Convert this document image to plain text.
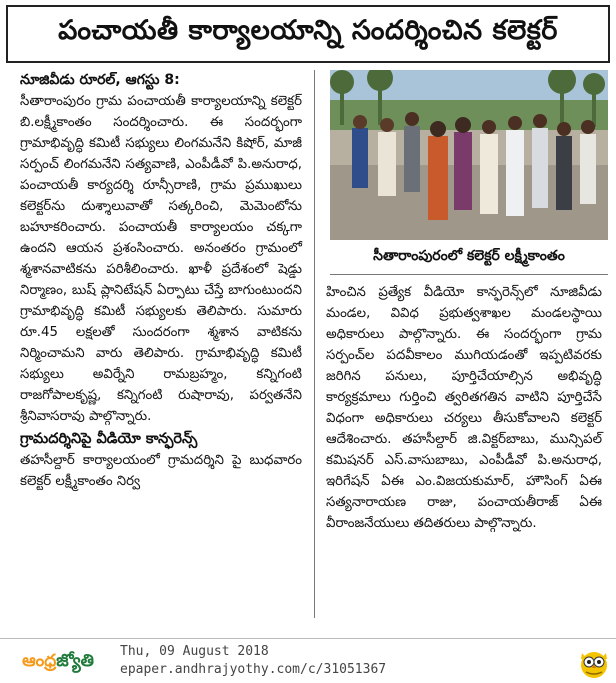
పంచాయతీ కార్యాలయాన్ని సందర్శించిన కలెక్టర్
నూజివీడు రూరల్, ఆగస్టు 8:

సీతారాంపురం గ్రామ పంచాయతీ కార్యాలయాన్ని కలెక్టర్ బి.లక్ష్మీకాంతం సందర్శించారు. ఈ సందర్భంగా గ్రామాభివృద్ధి కమిటీ సభ్యులు లింగమనేని కిషోర్, మాజీ సర్పంచ్ లింగమనేని సత్యవాణి, ఎంపీడీవో పి.అనురాధ, పంచాయతీ కార్యదర్శి రూన్సీరాణి, గ్రామ ప్రముఖులు కలెక్టర్‌ను దుశ్శాలువాతో సత్కరించి, మెమెంటోను బహూకరించారు. పంచాయతీ కార్యాలయం చక్కగా ఉందని ఆయన ప్రశంసించారు. అనంతరం గ్రామంలో శ్మశానవాటికను పరిశీలించారు. ఖాళీ ప్రదేశంలో షెడ్డు నిర్మాణం, బుష్ ప్లానిటేషన్ ఏర్పాటు చేస్తే బాగుంటుందని గ్రామాభివృద్ధి కమిటీ సభ్యులకు తెలిపారు. సుమారు రూ.45 లక్షలతో సుందరంగా శ్మశాన వాటికను నిర్మించామని వారు తెలిపారు. గ్రామాభివృద్ధి కమిటీ సభ్యులు అవిర్నేని రామబ్రహ్మం, కన్నిగంటి రాజగోపాలకృష్ణ, కన్నిగంటి రుషారావు, పర్వతనేని శ్రీనివాసరావు పాల్గొన్నారు.

గ్రామదర్శినిపై వీడియో కాన్ఫరెన్స్

తహసీల్దార్ కార్యాలయంలో గ్రామదర్శిని పై బుధవారం కలెక్టర్ లక్ష్మీకాంతం నిర్వ

సీతారాంపురంలో కలెక్టర్ లక్ష్మీకాంతం

హించిన ప్రత్యేక వీడియో కాన్ఫరెన్స్‌లో నూజివీడు మండల, వివిధ ప్రభుత్వశాఖల మండలస్థాయి అధికారులు పాల్గొన్నారు. ఈ సందర్భంగా గ్రామ సర్పంచ్‌ల పదవీకాలం ముగియడంతో ఇప్పటివరకు జరిగిన పనులు, పూర్తిచేయాల్సిన అభివృద్ధి కార్యక్రమాలు గుర్తించి త్వరితగతిన వాటిని పూర్తిచేసే విధంగా అధికారులు చర్యలు తీసుకోవాలని కలెక్టర్ ఆదేశించారు. తహసీల్దార్ జి.విక్టర్‌బాబు, మున్సిపల్ కమిషనర్ ఎస్.వాసుబాబు, ఎంపీడీవో పి.అనురాధ, ఇరిగేషన్ ఏఈ ఎం.విజయకుమార్, హౌసింగ్ ఏఈ సత్యనారాయణ రాజు, పంచాయతీరాజ్ ఏఈ వీరాంజనేయులు తదితరులు పాల్గొన్నారు.

ఆంధ్ర జ్యోతి Thu, 09 August 2018
epaper.andhrajyothy.com/c/31051367
